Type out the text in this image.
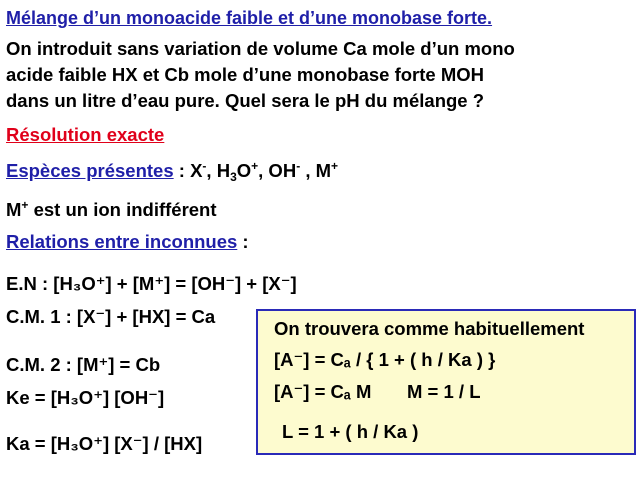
Mélange d’un monoacide faible et d’une monobase forte.
On introduit sans variation de volume Ca mole d’un mono
acide faible HX et Cb mole d’une monobase forte MOH
dans un litre d’eau pure. Quel sera le pH du mélange ?
Résolution exacte
Espèces présentes : X-, $H_3O^+$, OH- , M+
M+ est un ion indifférent
Relations entre inconnues :
E.N : [H₃O⁺] + [M⁺] = [OH⁻] + [X⁻]
C.M. 1 : [X⁻] + [HX] = Ca
C.M. 2 : [M⁺] = Cb
Ke = [H₃O⁺] [OH⁻]
Ka = [H₃O⁺] [X⁻] / [HX]
On trouvera comme habituellement
[A⁻] = Cₐ / { 1 + ( h / Ka ) }
[A⁻] = Cₐ M M = 1 / L
L = 1 + ( h / Ka )
